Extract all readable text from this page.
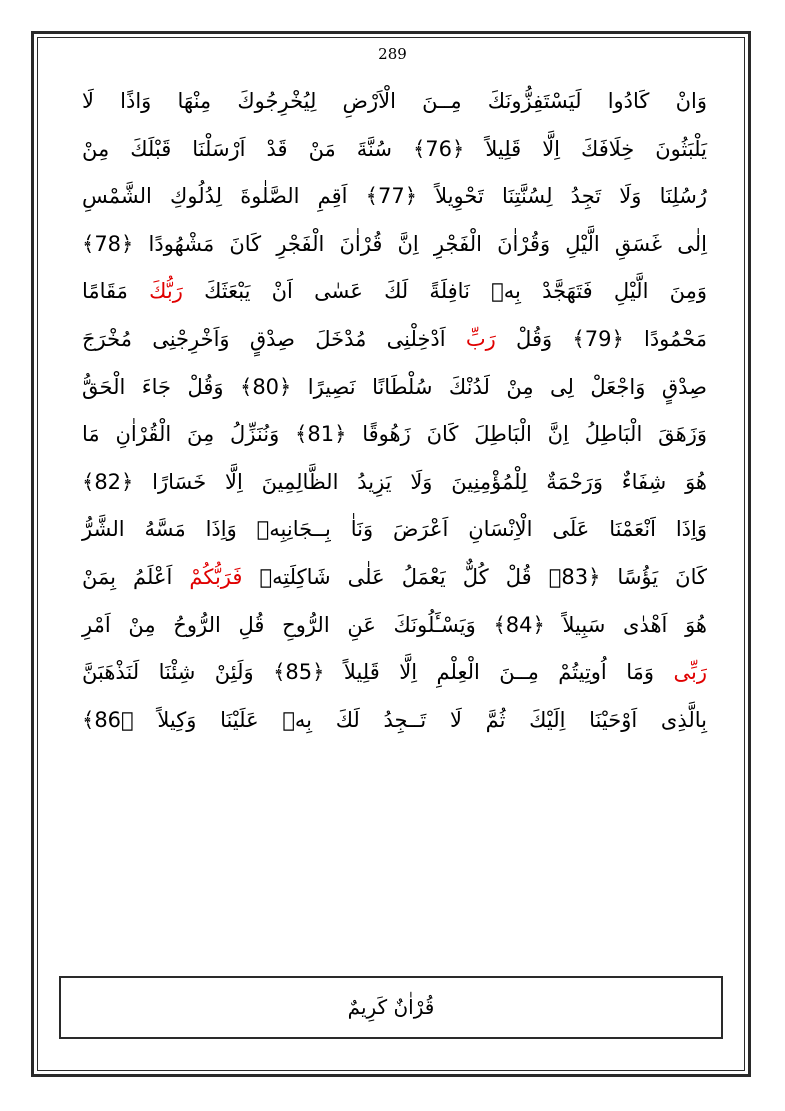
289
وَانْ كَادُوا لَيَسْتَفِزُّونَكَ مِــنَ الْاَرْضِ لِيُخْرِجُوكَ مِنْهَا وَاذًا لَا
يَلْبَثُونَ خِلَافَكَ اِلَّا قَلِيلاً ﴿76﴾ سُنَّةَ مَنْ قَدْ اَرْسَلْنَا قَبْلَكَ مِنْ
رُسُلِنَا وَلَا تَجِدُ لِسُنَّتِنَا تَحْوِيلاً ﴿77﴾ اَقِمِ الصَّلٰوةَ لِدُلُوكِ الشَّمْسِ
اِلٰى غَسَقِ الَّيْلِ وَقُرْاٰنَ الْفَجْرِ اِنَّ قُرْاٰنَ الْفَجْرِ كَانَ مَشْهُودًا ﴿78﴾
وَمِنَ الَّيْلِ فَتَهَجَّدْ بِهٖ نَافِلَةً لَكَ عَسٰى اَنْ يَبْعَثَكَ رَبُّكَ مَقَامًا
مَحْمُودًا ﴿79﴾ وَقُلْ رَبِّ اَدْخِلْنِى مُدْخَلَ صِدْقٍ وَاَخْرِجْنِى مُخْرَجَ
صِدْقٍ وَاجْعَلْ لِى مِنْ لَدُنْكَ سُلْطَانًا نَصِيرًا ﴿80﴾ وَقُلْ جَاءَ الْحَقُّ
وَزَهَقَ الْبَاطِلُ اِنَّ الْبَاطِلَ كَانَ زَهُوقًا ﴿81﴾ وَنُنَزِّلُ مِنَ الْقُرْاٰنِ مَا
هُوَ شِفَاءٌ وَرَحْمَةٌ لِلْمُؤْمِنِينَ وَلَا يَزِيدُ الظَّالِمِينَ اِلَّا خَسَارًا ﴿82﴾
وَاِذَا اَنْعَمْنَا عَلَى الْاِنْسَانِ اَعْرَضَ وَنَاٰ بِــجَانِبِهٖ وَاِذَا مَسَّهُ الشَّرُّ
كَانَ يَؤُسًا ﴿83﴾ قُلْ كُلٌّ يَعْمَلُ عَلٰى شَاكِلَتِهٖ فَرَبُّكُمْ اَعْلَمُ بِمَنْ
هُوَ اَهْدٰى سَبِيلاً ﴿84﴾ وَيَسْـَٔلُونَكَ عَنِ الرُّوحِ قُلِ الرُّوحُ مِنْ اَمْرِ
رَبِّى وَمَا اُوتِيتُمْ مِــنَ الْعِلْمِ اِلَّا قَلِيلاً ﴿85﴾ وَلَئِنْ شِئْنَا لَنَذْهَبَنَّ
بِالَّذِى اَوْحَيْنَا اِلَيْكَ ثُمَّ لَا تَــجِدُ لَكَ بِهٖ عَلَيْنَا وَكِيلاً ﴿86﴾
قُرْاٰنٌ كَرِيمٌ
